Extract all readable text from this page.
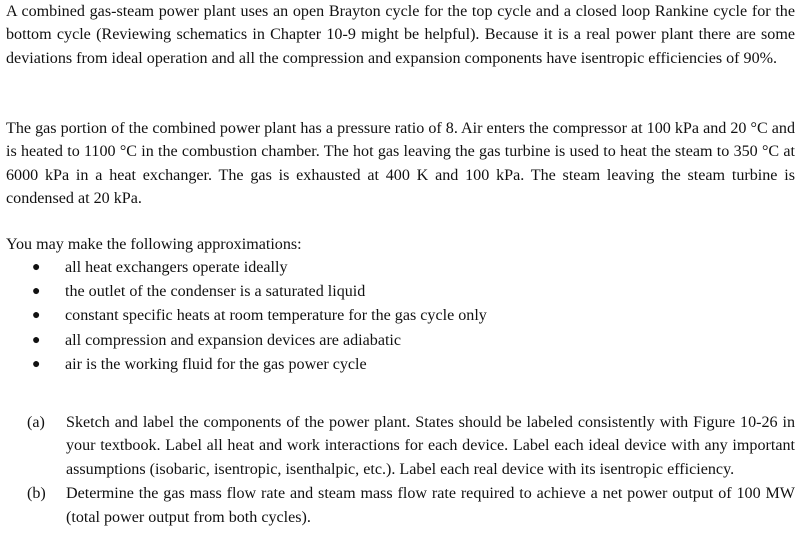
A combined gas-steam power plant uses an open Brayton cycle for the top cycle and a closed loop Rankine cycle for the bottom cycle (Reviewing schematics in Chapter 10-9 might be helpful). Because it is a real power plant there are some deviations from ideal operation and all the compression and expansion components have isentropic efficiencies of 90%.

The gas portion of the combined power plant has a pressure ratio of 8. Air enters the compressor at 100 kPa and 20 °C and is heated to 1100 °C in the combustion chamber. The hot gas leaving the gas turbine is used to heat the steam to 350 °C at 6000 kPa in a heat exchanger. The gas is exhausted at 400 K and 100 kPa. The steam leaving the steam turbine is condensed at 20 kPa.

You may make the following approximations:

● all heat exchangers operate ideally
● the outlet of the condenser is a saturated liquid
● constant specific heats at room temperature for the gas cycle only
● all compression and expansion devices are adiabatic
● air is the working fluid for the gas power cycle
(a) Sketch and label the components of the power plant. States should be labeled consistently with Figure 10-26 in your textbook. Label all heat and work interactions for each device. Label each ideal device with any important assumptions (isobaric, isentropic, isenthalpic, etc.). Label each real device with its isentropic efficiency.
(b) Determine the gas mass flow rate and steam mass flow rate required to achieve a net power output of 100 MW (total power output from both cycles).
